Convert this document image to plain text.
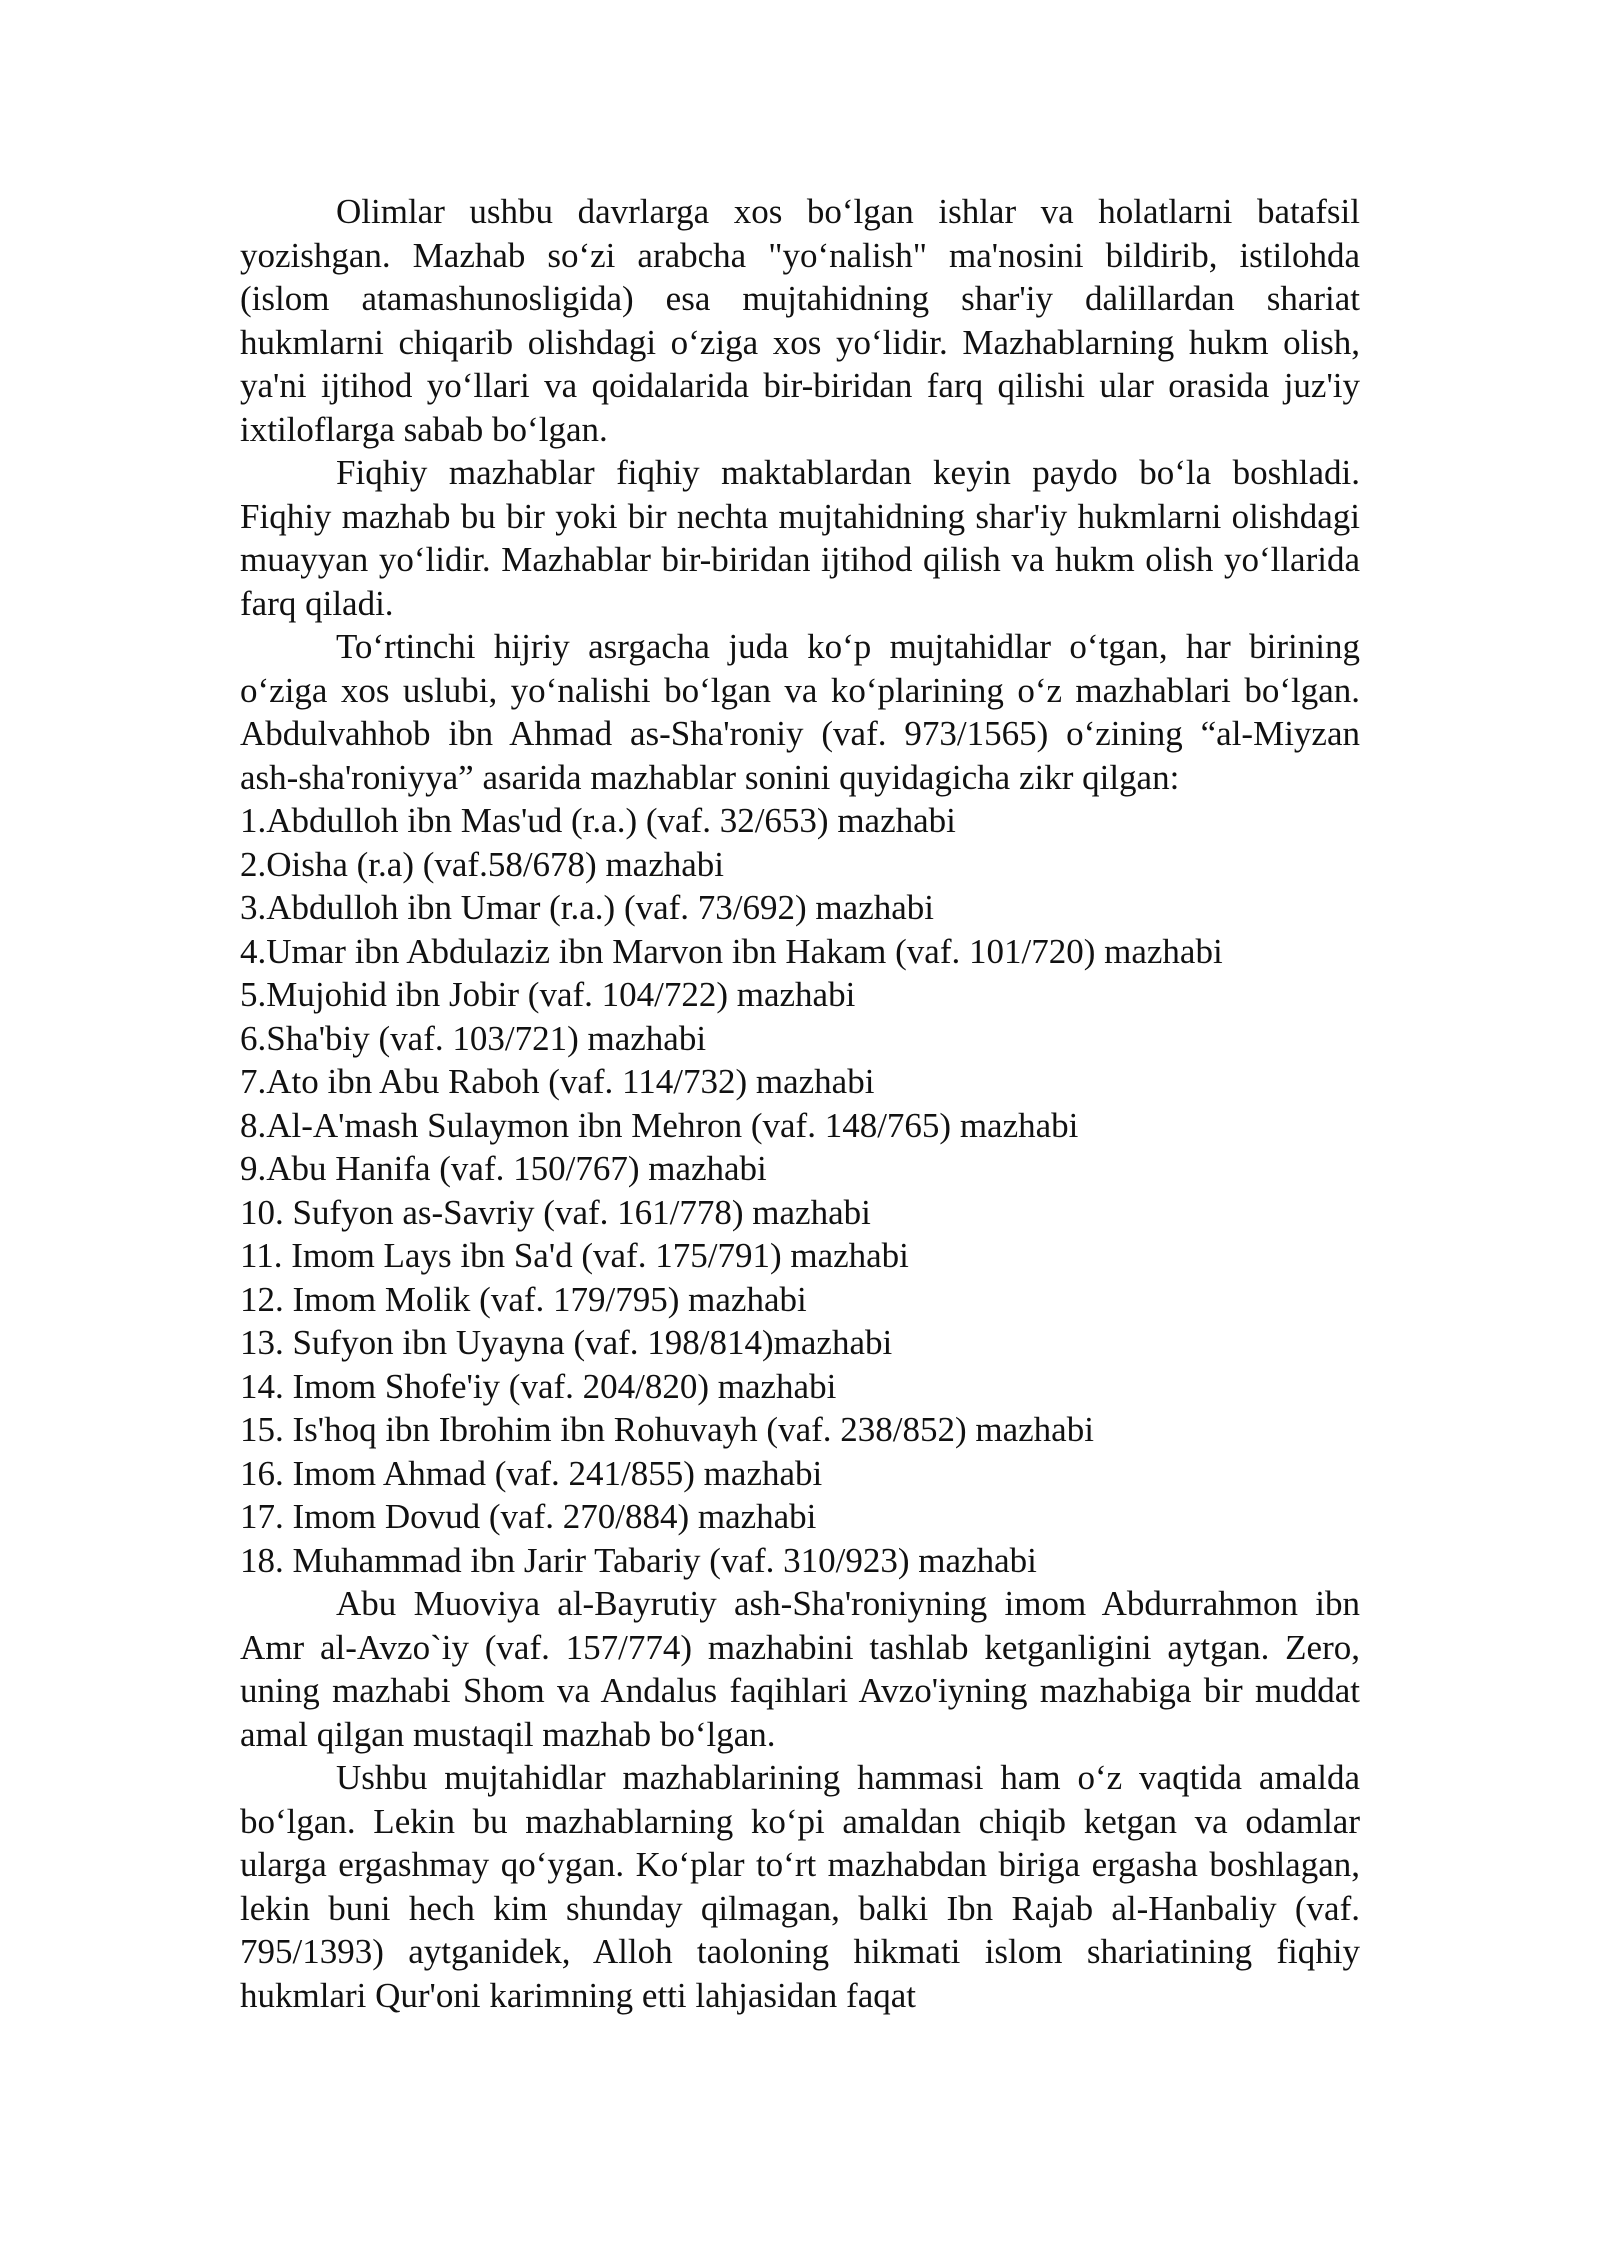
Olimlar ushbu davrlarga xos bo‘lgan ishlar va holatlarni batafsil yozishgan. Mazhab so‘zi arabcha "yo‘nalish" ma'nosini bildirib, istilohda (islom atamashunosligida) esa mujtahidning shar'iy dalillardan shariat hukmlarni chiqarib olishdagi o‘ziga xos yo‘lidir. Mazhablarning hukm olish, ya'ni ijtihod yo‘llari va qoidalarida bir-biridan farq qilishi ular orasida juz'iy ixtiloflarga sabab bo‘lgan.

Fiqhiy mazhablar fiqhiy maktablardan keyin paydo bo‘la boshladi. Fiqhiy mazhab bu bir yoki bir nechta mujtahidning shar'iy hukmlarni olishdagi muayyan yo‘lidir. Mazhablar bir-biridan ijtihod qilish va hukm olish yo‘llarida farq qiladi.

To‘rtinchi hijriy asrgacha juda ko‘p mujtahidlar o‘tgan, har birining o‘ziga xos uslubi, yo‘nalishi bo‘lgan va ko‘plarining o‘z mazhablari bo‘lgan. Abdulvahhob ibn Ahmad as-Sha'roniy (vaf. 973/1565) o‘zining “al-Miyzan ash-sha'roniyya” asarida mazhablar sonini quyidagicha zikr qilgan:

1.Abdulloh ibn Mas'ud (r.a.) (vaf. 32/653) mazhabi
2.Oisha (r.a) (vaf.58/678) mazhabi
3.Abdulloh ibn Umar (r.a.) (vaf. 73/692) mazhabi
4.Umar ibn Abdulaziz ibn Marvon ibn Hakam (vaf. 101/720) mazhabi
5.Mujohid ibn Jobir (vaf. 104/722) mazhabi
6.Sha'biy (vaf. 103/721) mazhabi
7.Ato ibn Abu Raboh (vaf. 114/732) mazhabi
8.Al-A'mash Sulaymon ibn Mehron (vaf. 148/765) mazhabi
9.Abu Hanifa (vaf. 150/767) mazhabi
10. Sufyon as-Savriy (vaf. 161/778) mazhabi
11. Imom Lays ibn Sa'd (vaf. 175/791) mazhabi
12. Imom Molik (vaf. 179/795) mazhabi
13. Sufyon ibn Uyayna (vaf. 198/814)mazhabi
14. Imom Shofe'iy (vaf. 204/820) mazhabi
15. Is'hoq ibn Ibrohim ibn Rohuvayh (vaf. 238/852) mazhabi
16. Imom Ahmad (vaf. 241/855) mazhabi
17. Imom Dovud (vaf. 270/884) mazhabi
18. Muhammad ibn Jarir Tabariy (vaf. 310/923) mazhabi

Abu Muoviya al-Bayrutiy ash-Sha'roniyning imom Abdurrahmon ibn Amr al-Avzo`iy (vaf. 157/774) mazhabini tashlab ketganligini aytgan. Zero, uning mazhabi Shom va Andalus faqihlari Avzo'iyning mazhabiga bir muddat amal qilgan mustaqil mazhab bo‘lgan.

Ushbu mujtahidlar mazhablarining hammasi ham o‘z vaqtida amalda bo‘lgan. Lekin bu mazhablarning ko‘pi amaldan chiqib ketgan va odamlar ularga ergashmay qo‘ygan. Ko‘plar to‘rt mazhabdan biriga ergasha boshlagan, lekin buni hech kim shunday qilmagan, balki Ibn Rajab al-Hanbaliy (vaf. 795/1393) aytganidek, Alloh taoloning hikmati islom shariatining fiqhiy hukmlari Qur'oni karimning etti lahjasidan faqat
